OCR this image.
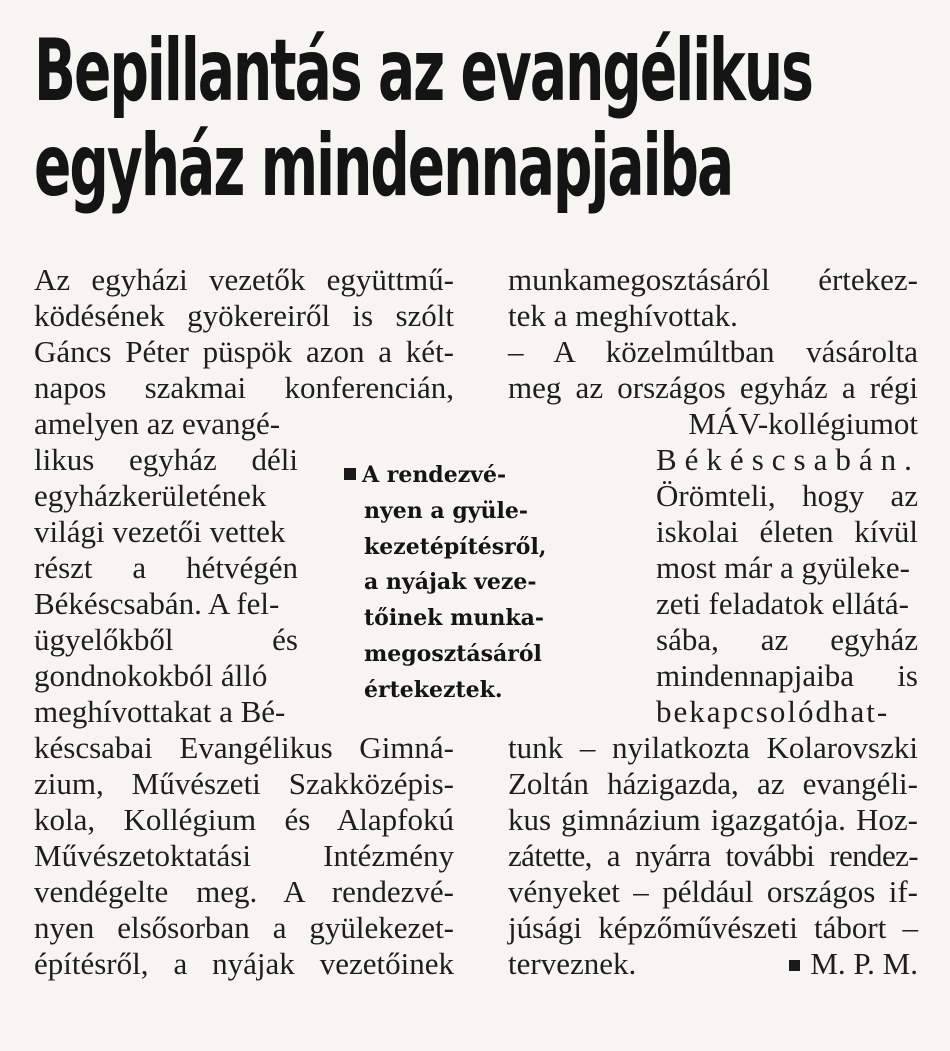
Bepillantás az evangélikus
egyház mindennapjaiba
Az egyházi vezetők együttmű-
ködésének gyökereiről is szólt
Gáncs Péter püspök azon a két-
napos szakmai konferencián,
amelyen az evangé-
likus egyház déli
egyházkerületének
világi vezetői vettek
részt a hétvégén
Békéscsabán. A fel-
ügyelőkből és
gondnokokból álló
meghívottakat a Bé-
késcsabai Evangélikus Gimná-
zium, Művészeti Szakközépis-
kola, Kollégium és Alapfokú
Művészetoktatási Intézmény
vendégelte meg. A rendezvé-
nyen elsősorban a gyülekezet-
építésről, a nyájak vezetőinek
munkamegosztásáról értekez-
tek a meghívottak.
– A közelmúltban vásárolta
meg az országos egyház a régi
MÁV-kollégiumot
Békéscsabán.
Örömteli, hogy az
iskolai életen kívül
most már a gyüleke-
zeti feladatok ellátá-
sába, az egyház
mindennapjaiba is
bekapcsolódhat-
tunk – nyilatkozta Kolarovszki
Zoltán házigazda, az evangéli-
kus gimnázium igazgatója. Hoz-
zátette, a nyárra további rendez-
vényeket – például országos if-
júsági képzőművészeti tábort –
terveznek.	M. P. M.
A rendezvé-
nyen a gyüle-
kezetépítésről,
a nyájak veze-
tőinek munka-
megosztásáról
értekeztek.
